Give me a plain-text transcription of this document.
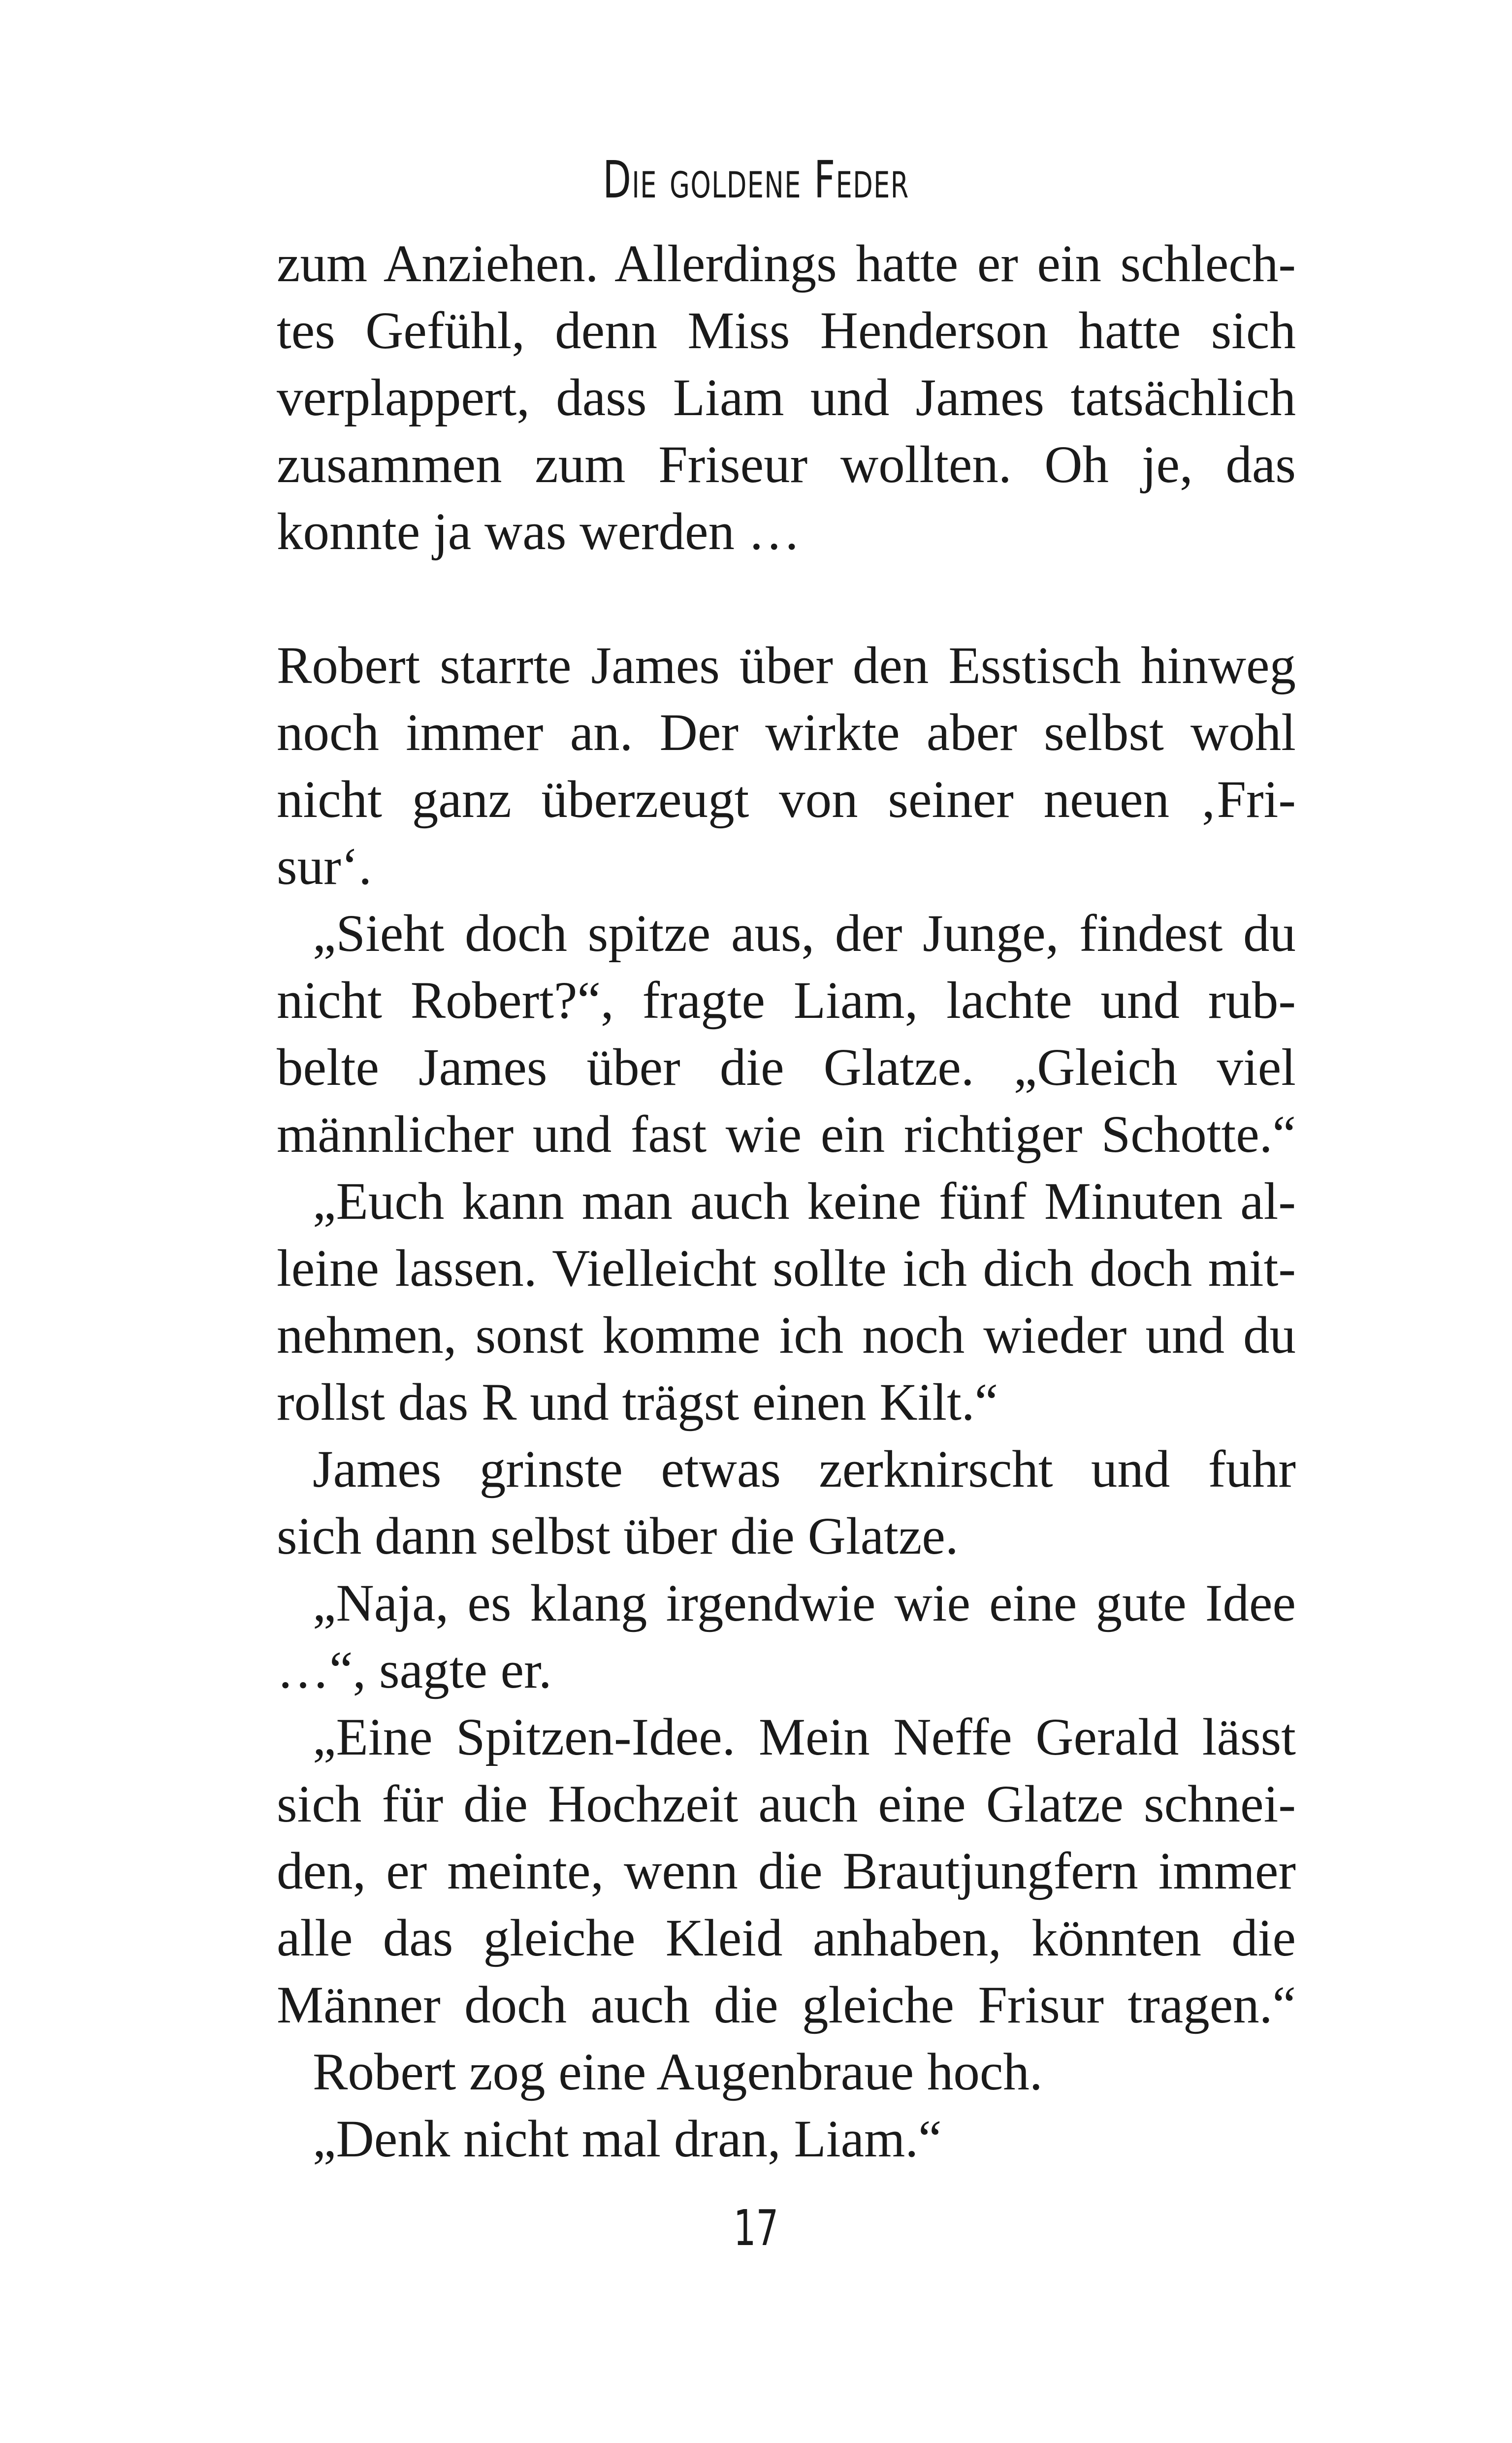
Die goldene Feder
zum Anziehen. Allerdings hatte er ein schlech-
tes Gefühl, denn Miss Henderson hatte sich
verplappert, dass Liam und James tatsächlich
zusammen zum Friseur wollten. Oh je, das
konnte ja was werden …
Robert starrte James über den Esstisch hinweg
noch immer an. Der wirkte aber selbst wohl
nicht ganz überzeugt von seiner neuen ‚Fri-
sur‘.
„Sieht doch spitze aus, der Junge, findest du
nicht Robert?“, fragte Liam, lachte und rub-
belte James über die Glatze. „Gleich viel
männlicher und fast wie ein richtiger Schotte.“
„Euch kann man auch keine fünf Minuten al-
leine lassen. Vielleicht sollte ich dich doch mit-
nehmen, sonst komme ich noch wieder und du
rollst das R und trägst einen Kilt.“
James grinste etwas zerknirscht und fuhr
sich dann selbst über die Glatze.
„Naja, es klang irgendwie wie eine gute Idee
…“, sagte er.
„Eine Spitzen-Idee. Mein Neffe Gerald lässt
sich für die Hochzeit auch eine Glatze schnei-
den, er meinte, wenn die Brautjungfern immer
alle das gleiche Kleid anhaben, könnten die
Männer doch auch die gleiche Frisur tragen.“
Robert zog eine Augenbraue hoch.
„Denk nicht mal dran, Liam.“
17
